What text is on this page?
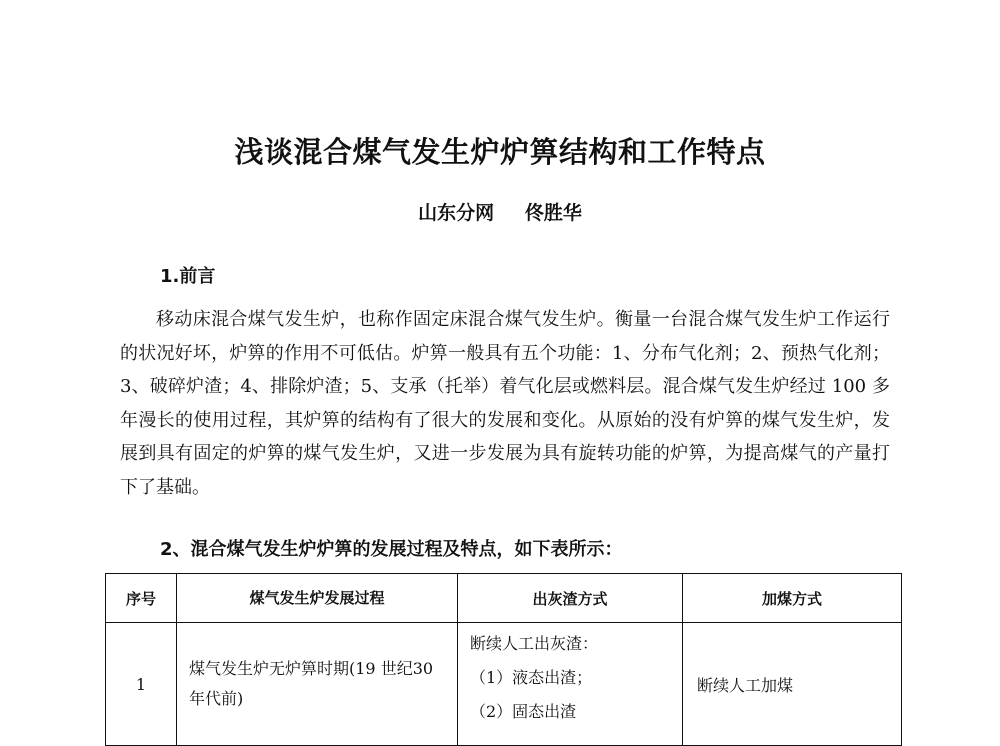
浅谈混合煤气发生炉炉箅结构和工作特点
山东分网 佟胜华
1.前言

移动床混合煤气发生炉，也称作固定床混合煤气发生炉。衡量一台混合煤气发生炉工作运行的状况好坏，炉箅的作用不可低估。炉箅一般具有五个功能：1、分布气化剂；2、预热气化剂；3、破碎炉渣；4、排除炉渣；5、支承（托举）着气化层或燃料层。混合煤气发生炉经过 100 多年漫长的使用过程，其炉箅的结构有了很大的发展和变化。从原始的没有炉箅的煤气发生炉，发展到具有固定的炉箅的煤气发生炉，又进一步发展为具有旋转功能的炉箅，为提高煤气的产量打下了基础。

2、混合煤气发生炉炉箅的发展过程及特点，如下表所示：
序号	煤气发生炉发展过程	出灰渣方式	加煤方式
1	煤气发生炉无炉箅时期(19 世纪30 年代前)	断续人工出灰渣：
（1）液态出渣；
（2）固态出渣	断续人工加煤
